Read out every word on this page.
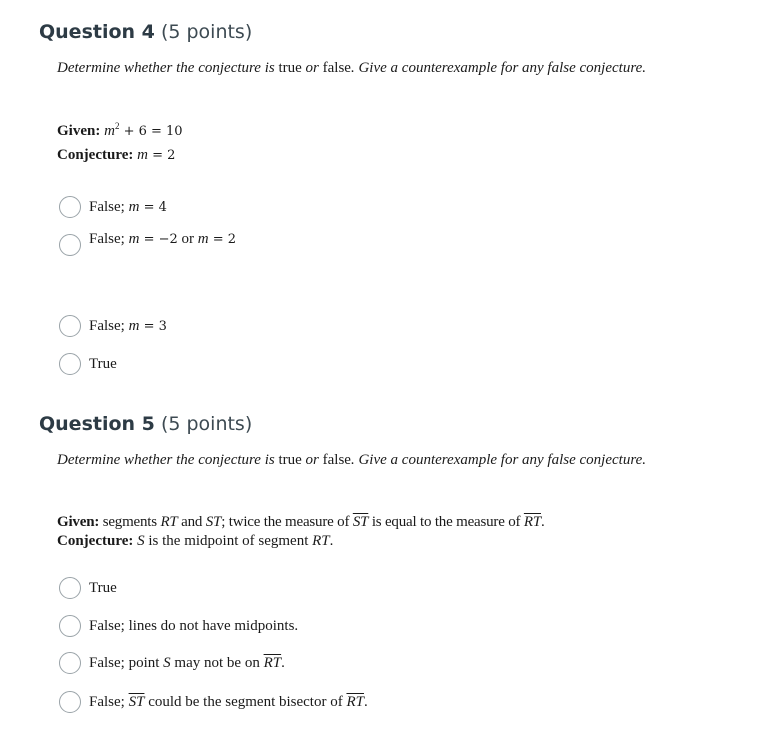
Question 4 (5 points)
Determine whether the conjecture is true or false. Give a counterexample for any false conjecture.
Given: $m^2 + 6 = 10$
Conjecture: m = 2
False; m = 4
False; m = −2 or m = 2
False; m = 3
True
Question 5 (5 points)
Determine whether the conjecture is true or false. Give a counterexample for any false conjecture.
Given: segments RT and ST; twice the measure of $\overline{ST}$ is equal to the measure of $\overline{RT}$.
Conjecture: S is the midpoint of segment RT.
True
False; lines do not have midpoints.
False; point S may not be on $\overline{RT}$.
False; $\overline{ST}$ could be the segment bisector of $\overline{RT}$.
